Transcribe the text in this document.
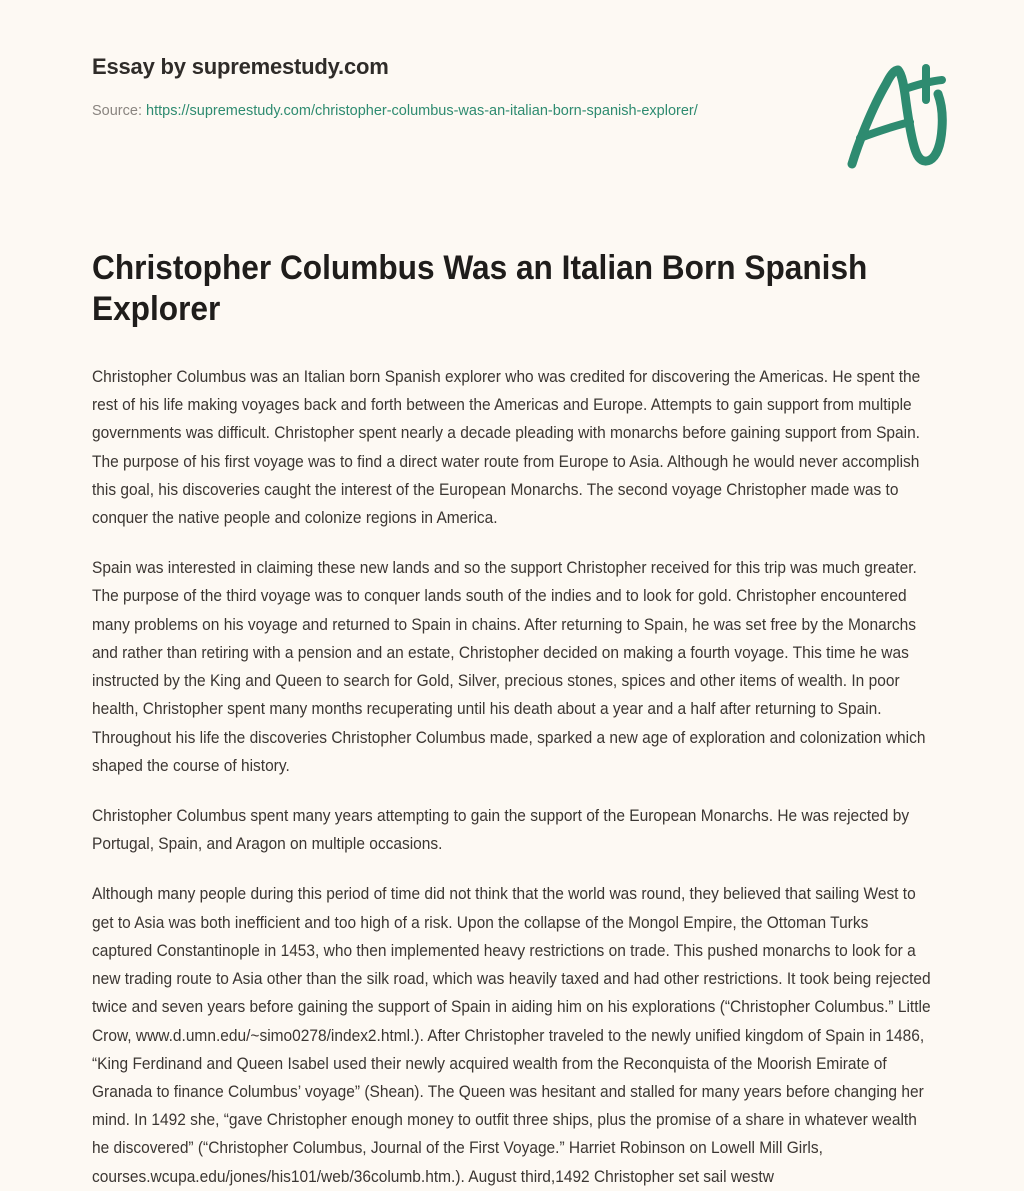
Essay by supremestudy.com
Source: https://supremestudy.com/christopher-columbus-was-an-italian-born-spanish-explorer/
Christopher Columbus Was an Italian Born Spanish Explorer

Christopher Columbus was an Italian born Spanish explorer who was credited for discovering the Americas. He spent the rest of his life making voyages back and forth between the Americas and Europe. Attempts to gain support from multiple governments was difficult. Christopher spent nearly a decade pleading with monarchs before gaining support from Spain. The purpose of his first voyage was to find a direct water route from Europe to Asia. Although he would never accomplish this goal, his discoveries caught the interest of the European Monarchs. The second voyage Christopher made was to conquer the native people and colonize regions in America.

Spain was interested in claiming these new lands and so the support Christopher received for this trip was much greater. The purpose of the third voyage was to conquer lands south of the indies and to look for gold. Christopher encountered many problems on his voyage and returned to Spain in chains. After returning to Spain, he was set free by the Monarchs and rather than retiring with a pension and an estate, Christopher decided on making a fourth voyage. This time he was instructed by the King and Queen to search for Gold, Silver, precious stones, spices and other items of wealth. In poor health, Christopher spent many months recuperating until his death about a year and a half after returning to Spain. Throughout his life the discoveries Christopher Columbus made, sparked a new age of exploration and colonization which shaped the course of history.

Christopher Columbus spent many years attempting to gain the support of the European Monarchs. He was rejected by Portugal, Spain, and Aragon on multiple occasions.

Although many people during this period of time did not think that the world was round, they believed that sailing West to get to Asia was both inefficient and too high of a risk. Upon the collapse of the Mongol Empire, the Ottoman Turks captured Constantinople in 1453, who then implemented heavy restrictions on trade. This pushed monarchs to look for a new trading route to Asia other than the silk road, which was heavily taxed and had other restrictions. It took being rejected twice and seven years before gaining the support of Spain in aiding him on his explorations (“Christopher Columbus.” Little Crow, www.d.umn.edu/~simo0278/index2.html.). After Christopher traveled to the newly unified kingdom of Spain in 1486, “King Ferdinand and Queen Isabel used their newly acquired wealth from the Reconquista of the Moorish Emirate of Granada to finance Columbus’ voyage” (Shean). The Queen was hesitant and stalled for many years before changing her mind. In 1492 she, “gave Christopher enough money to outfit three ships, plus the promise of a share in whatever wealth he discovered” (“Christopher Columbus, Journal of the First Voyage.” Harriet Robinson on Lowell Mill Girls, courses.wcupa.edu/jones/his101/web/36columb.htm.). August third,1492 Christopher set sail westw
